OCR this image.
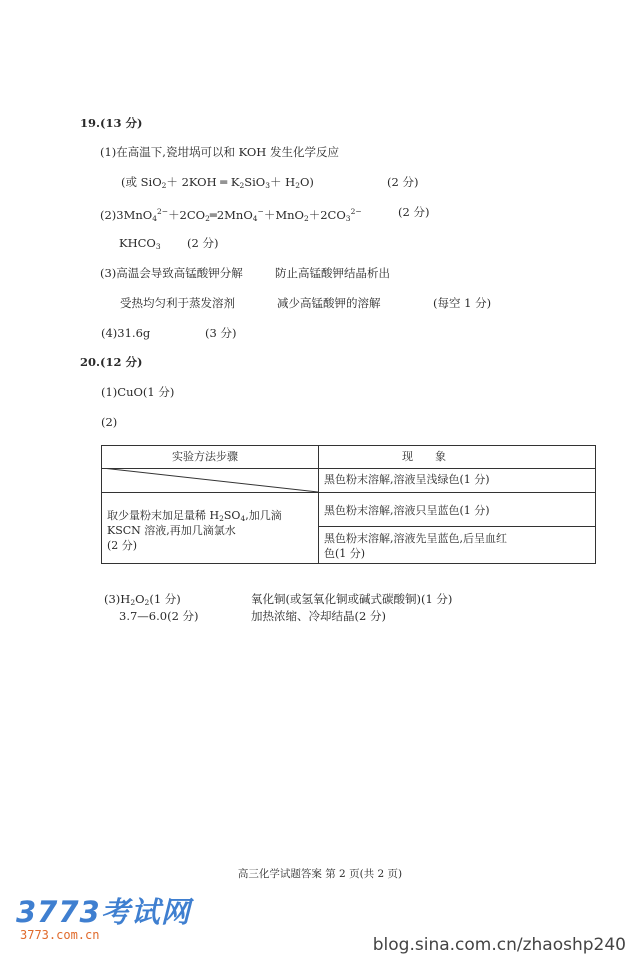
19.(13 分)
(1)在高温下,瓷坩埚可以和 KOH 发生化学反应
(或 SiO$_2$＋ 2KOH ═ $K_2SiO_3+ H_2O$)	(2 分)
$(2)3MnO_4^{2-}+2CO_2═2MnO_4^-+MnO_2+2CO_3^{2-}$	(2 分)
$KHCO_3$ (2 分)
(3)高温会导致高锰酸钾分解	防止高锰酸钾结晶析出
受热均匀利于蒸发溶剂	减少高锰酸钾的溶解	(每空 1 分)
(4)31.6g	(3 分)
20.(12 分)
(1)CuO(1 分)
(2)
实验方法步骤	现　　象
黑色粉末溶解,溶液呈浅绿色(1 分)
取少量粉末加足量稀 $H_2SO_4$,加几滴
KSCN 溶液,再加几滴氯水
(2 分)
黑色粉末溶解,溶液只呈蓝色(1 分)
黑色粉末溶解,溶液先呈蓝色,后呈血红
色(1 分)
$(3)H_2O_2(1$ 分)	氧化铜(或氢氧化铜或碱式碳酸铜)(1 分)
3.7—6.0(2 分)	加热浓缩、冷却结晶(2 分)
高三化学试题答案 第 2 页(共 2 页)
3773考试网
3773.com.cn	blog.sina.com.cn/zhaoshp240
